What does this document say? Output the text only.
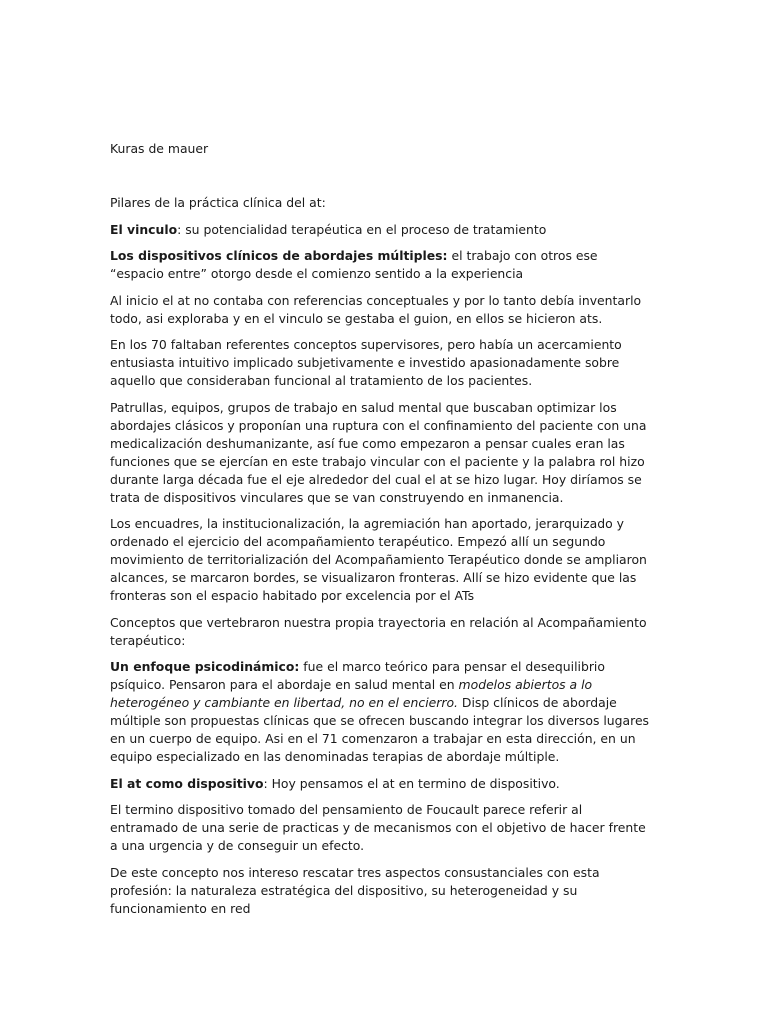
Kuras de mauer

Pilares de la práctica clínica del at:

El vinculo: su potencialidad terapéutica en el proceso de tratamiento

Los dispositivos clínicos de abordajes múltiples: el trabajo con otros ese “espacio entre” otorgo desde el comienzo sentido a la experiencia

Al inicio el at no contaba con referencias conceptuales y por lo tanto debía inventarlo todo, asi exploraba y en el vinculo se gestaba el guion, en ellos se hicieron ats.

En los 70 faltaban referentes conceptos supervisores, pero había un acercamiento entusiasta intuitivo implicado subjetivamente e investido apasionadamente sobre aquello que consideraban funcional al tratamiento de los pacientes.

Patrullas, equipos, grupos de trabajo en salud mental que buscaban optimizar los abordajes clásicos y proponían una ruptura con el confinamiento del paciente con una medicalización deshumanizante, así fue como empezaron a pensar cuales eran las funciones que se ejercían en este trabajo vincular con el paciente y la palabra rol hizo durante larga década fue el eje alrededor del cual el at se hizo lugar. Hoy diríamos se trata de dispositivos vinculares que se van construyendo en inmanencia.

Los encuadres, la institucionalización, la agremiación han aportado, jerarquizado y ordenado el ejercicio del acompañamiento terapéutico. Empezó allí un segundo movimiento de territorialización del Acompañamiento Terapéutico donde se ampliaron alcances, se marcaron bordes, se visualizaron fronteras. Allí se hizo evidente que las fronteras son el espacio habitado por excelencia por el ATs

Conceptos que vertebraron nuestra propia trayectoria en relación al Acompañamiento terapéutico:

Un enfoque psicodinámico: fue el marco teórico para pensar el desequilibrio psíquico. Pensaron para el abordaje en salud mental en modelos abiertos a lo heterogéneo y cambiante en libertad, no en el encierro. Disp clínicos de abordaje múltiple son propuestas clínicas que se ofrecen buscando integrar los diversos lugares en un cuerpo de equipo. Asi en el 71 comenzaron a trabajar en esta dirección, en un equipo especializado en las denominadas terapias de abordaje múltiple.

El at como dispositivo: Hoy pensamos el at en termino de dispositivo.

El termino dispositivo tomado del pensamiento de Foucault parece referir al entramado de una serie de practicas y de mecanismos con el objetivo de hacer frente a una urgencia y de conseguir un efecto.

De este concepto nos intereso rescatar tres aspectos consustanciales con esta profesión: la naturaleza estratégica del dispositivo, su heterogeneidad y su funcionamiento en red
